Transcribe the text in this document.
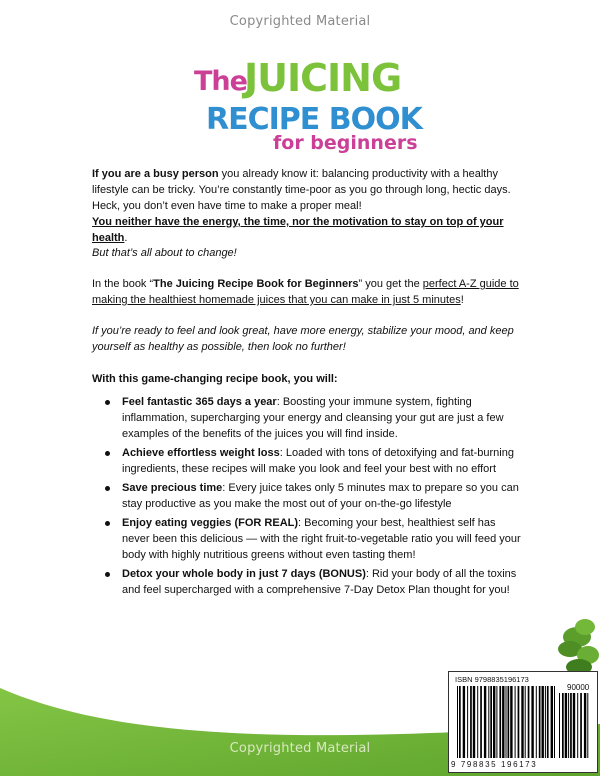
Copyrighted Material
The
JUICING
RECIPE BOOK
for beginners

If you are a busy person you already know it: balancing productivity with a healthy lifestyle can be tricky. You’re constantly time-poor as you go through long, hectic days.

Heck, you don’t even have time to make a proper meal!

You neither have the energy, the time, nor the motivation to stay on top of your health.

But that’s all about to change!
In the book “The Juicing Recipe Book for Beginners” you get the perfect A-Z guide to making the healthiest homemade juices that you can make in just 5 minutes!
If you’re ready to feel and look great, have more energy, stabilize your mood, and keep yourself as healthy as possible, then look no further!
With this game-changing recipe book, you will:
Feel fantastic 365 days a year: Boosting your immune system, fighting inflammation, supercharging your energy and cleansing your gut are just a few examples of the benefits of the juices you will find inside.
Achieve effortless weight loss: Loaded with tons of detoxifying and fat-burning ingredients, these recipes will make you look and feel your best with no effort
Save precious time: Every juice takes only 5 minutes max to prepare so you can stay productive as you make the most out of your on-the-go lifestyle
Enjoy eating veggies (FOR REAL): Becoming your best, healthiest self has never been this delicious — with the right fruit-to-vegetable ratio you will feed your body with highly nutritious greens without even tasting them!
Detox your whole body in just 7 days (BONUS): Rid your body of all the toxins and feel supercharged with a comprehensive 7-Day Detox Plan thought for you!
Copyrighted Material
ISBN 9798835196173
90000
9 798835 196173
